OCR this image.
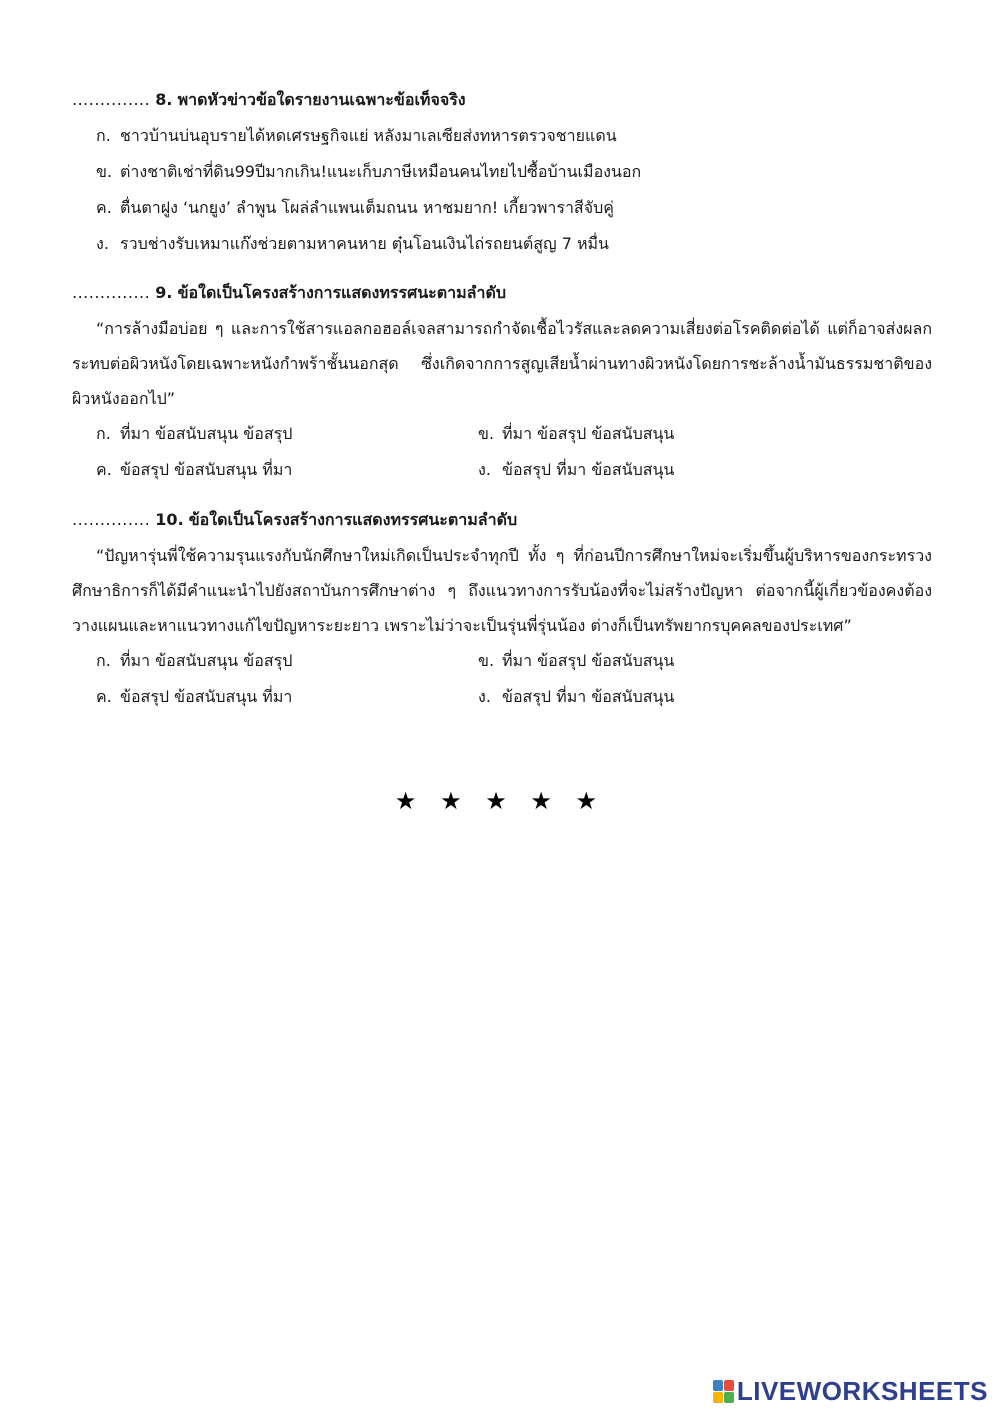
.............. 8. พาดหัวข่าวข้อใดรายงานเฉพาะข้อเท็จจริง
ก. ชาวบ้านบ่นอุบรายได้หดเศรษฐกิจแย่ หลังมาเลเซียส่งทหารตรวจชายแดน
ข. ต่างชาติเช่าที่ดิน99ปีมากเกิน!แนะเก็บภาษีเหมือนคนไทยไปซื้อบ้านเมืองนอก
ค. ตื่นตาฝูง ‘นกยูง’ ลำพูน โผล่ลำแพนเต็มถนน หาชมยาก! เกี้ยวพาราสีจับคู่
ง. รวบช่างรับเหมาแก๊งช่วยตามหาคนหาย ตุ๋นโอนเงินไถ่รถยนต์สูญ 7 หมื่น
.............. 9. ข้อใดเป็นโครงสร้างการแสดงทรรศนะตามลำดับ

“การล้างมือบ่อย ๆ และการใช้สารแอลกอฮอล์เจลสามารถกำจัดเชื้อไวรัสและลดความเสี่ยงต่อโรคติดต่อได้ แต่ก็อาจส่งผลกระทบต่อผิวหนังโดยเฉพาะหนังกำพร้าชั้นนอกสุด ซึ่งเกิดจากการสูญเสียน้ำผ่านทางผิวหนังโดยการชะล้างน้ำมันธรรมชาติของผิวหนังออกไป”

ก. ที่มา ข้อสนับสนุน ข้อสรุป	ข. ที่มา ข้อสรุป ข้อสนับสนุน
ค. ข้อสรุป ข้อสนับสนุน ที่มา	ง. ข้อสรุป ที่มา ข้อสนับสนุน
.............. 10. ข้อใดเป็นโครงสร้างการแสดงทรรศนะตามลำดับ

“ปัญหารุ่นพี่ใช้ความรุนแรงกับนักศึกษาใหม่เกิดเป็นประจำทุกปี ทั้ง ๆ ที่ก่อนปีการศึกษาใหม่จะเริ่มขึ้นผู้บริหารของกระทรวงศึกษาธิการก็ได้มีคำแนะนำไปยังสถาบันการศึกษาต่าง ๆ ถึงแนวทางการรับน้องที่จะไม่สร้างปัญหา ต่อจากนี้ผู้เกี่ยวข้องคงต้องวางแผนและหาแนวทางแก้ไขปัญหาระยะยาว เพราะไม่ว่าจะเป็นรุ่นพี่รุ่นน้อง ต่างก็เป็นทรัพยากรบุคคลของประเทศ”

ก. ที่มา ข้อสนับสนุน ข้อสรุป	ข. ที่มา ข้อสรุป ข้อสนับสนุน
ค. ข้อสรุป ข้อสนับสนุน ที่มา	ง. ข้อสรุป ที่มา ข้อสนับสนุน
★ ★ ★ ★ ★
LIVEWORKSHEETS
